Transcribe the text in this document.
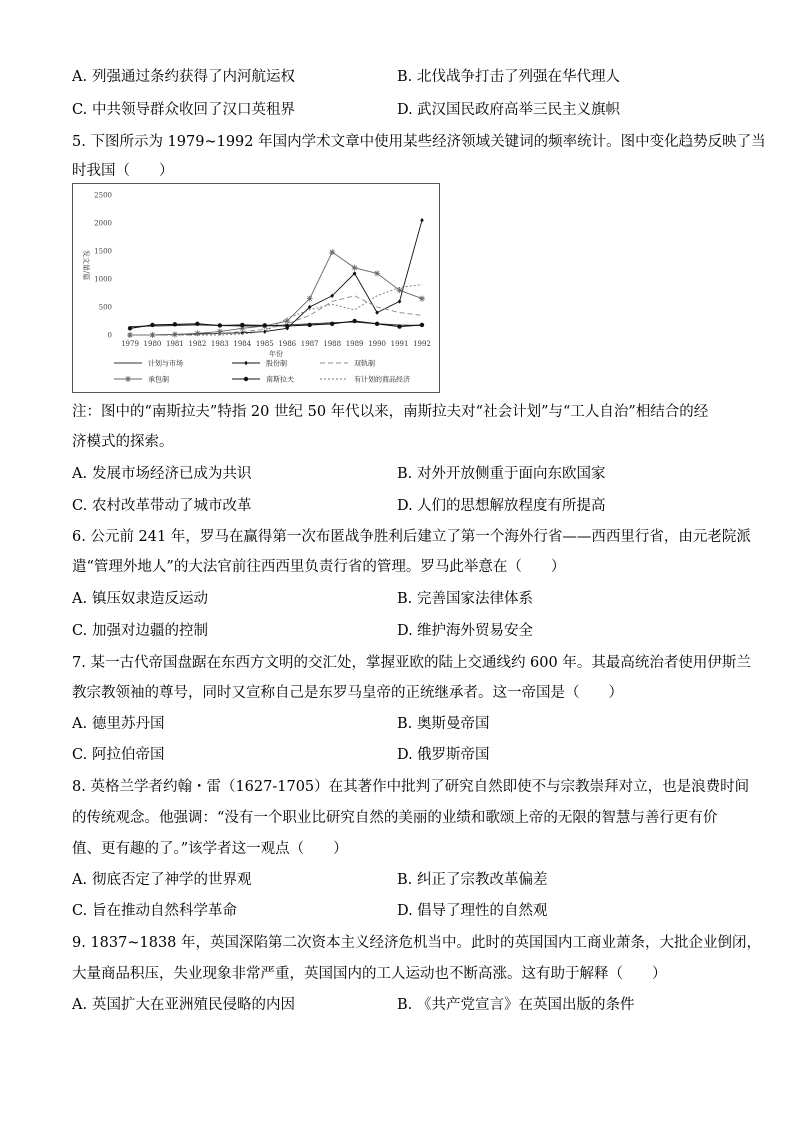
A. 列强通过条约获得了内河航运权	B. 北伐战争打击了列强在华代理人
C. 中共领导群众收回了汉口英租界	D. 武汉国民政府高举三民主义旗帜
5. 下图所示为 1979~1992 年国内学术文章中使用某些经济领域关键词的频率统计。图中变化趋势反映了当
时我国（　　）
0
500
1000
1500
2000
2500
发文量/篇
1979 1980 1981 1982 1983 1984 1985 1986 1987 1988 1989 1990 1991 1992
年份
计划与市场	股份制	双轨制
承包制	南斯拉夫	有计划的商品经济
注：图中的“南斯拉夫”特指 20 世纪 50 年代以来，南斯拉夫对“社会计划”与“工人自治”相结合的经
济模式的探索。
A. 发展市场经济已成为共识	B. 对外开放侧重于面向东欧国家
C. 农村改革带动了城市改革	D. 人们的思想解放程度有所提高
6. 公元前 241 年，罗马在赢得第一次布匿战争胜利后建立了第一个海外行省——西西里行省，由元老院派
遣“管理外地人”的大法官前往西西里负责行省的管理。罗马此举意在（　　）
A. 镇压奴隶造反运动	B. 完善国家法律体系
C. 加强对边疆的控制	D. 维护海外贸易安全
7. 某一古代帝国盘踞在东西方文明的交汇处，掌握亚欧的陆上交通线约 600 年。其最高统治者使用伊斯兰
教宗教领袖的尊号，同时又宣称自己是东罗马皇帝的正统继承者。这一帝国是（　　）
A. 德里苏丹国	B. 奥斯曼帝国
C. 阿拉伯帝国	D. 俄罗斯帝国
8. 英格兰学者约翰・雷（1627-1705）在其著作中批判了研究自然即使不与宗教崇拜对立，也是浪费时间
的传统观念。他强调：“没有一个职业比研究自然的美丽的业绩和歌颂上帝的无限的智慧与善行更有价
值、更有趣的了。”该学者这一观点（　　）
A. 彻底否定了神学的世界观	B. 纠正了宗教改革偏差
C. 旨在推动自然科学革命	D. 倡导了理性的自然观
9. 1837~1838 年，英国深陷第二次资本主义经济危机当中。此时的英国国内工商业萧条，大批企业倒闭，
大量商品积压，失业现象非常严重，英国国内的工人运动也不断高涨。这有助于解释（　　）
A. 英国扩大在亚洲殖民侵略的内因	B. 《共产党宣言》在英国出版的条件
